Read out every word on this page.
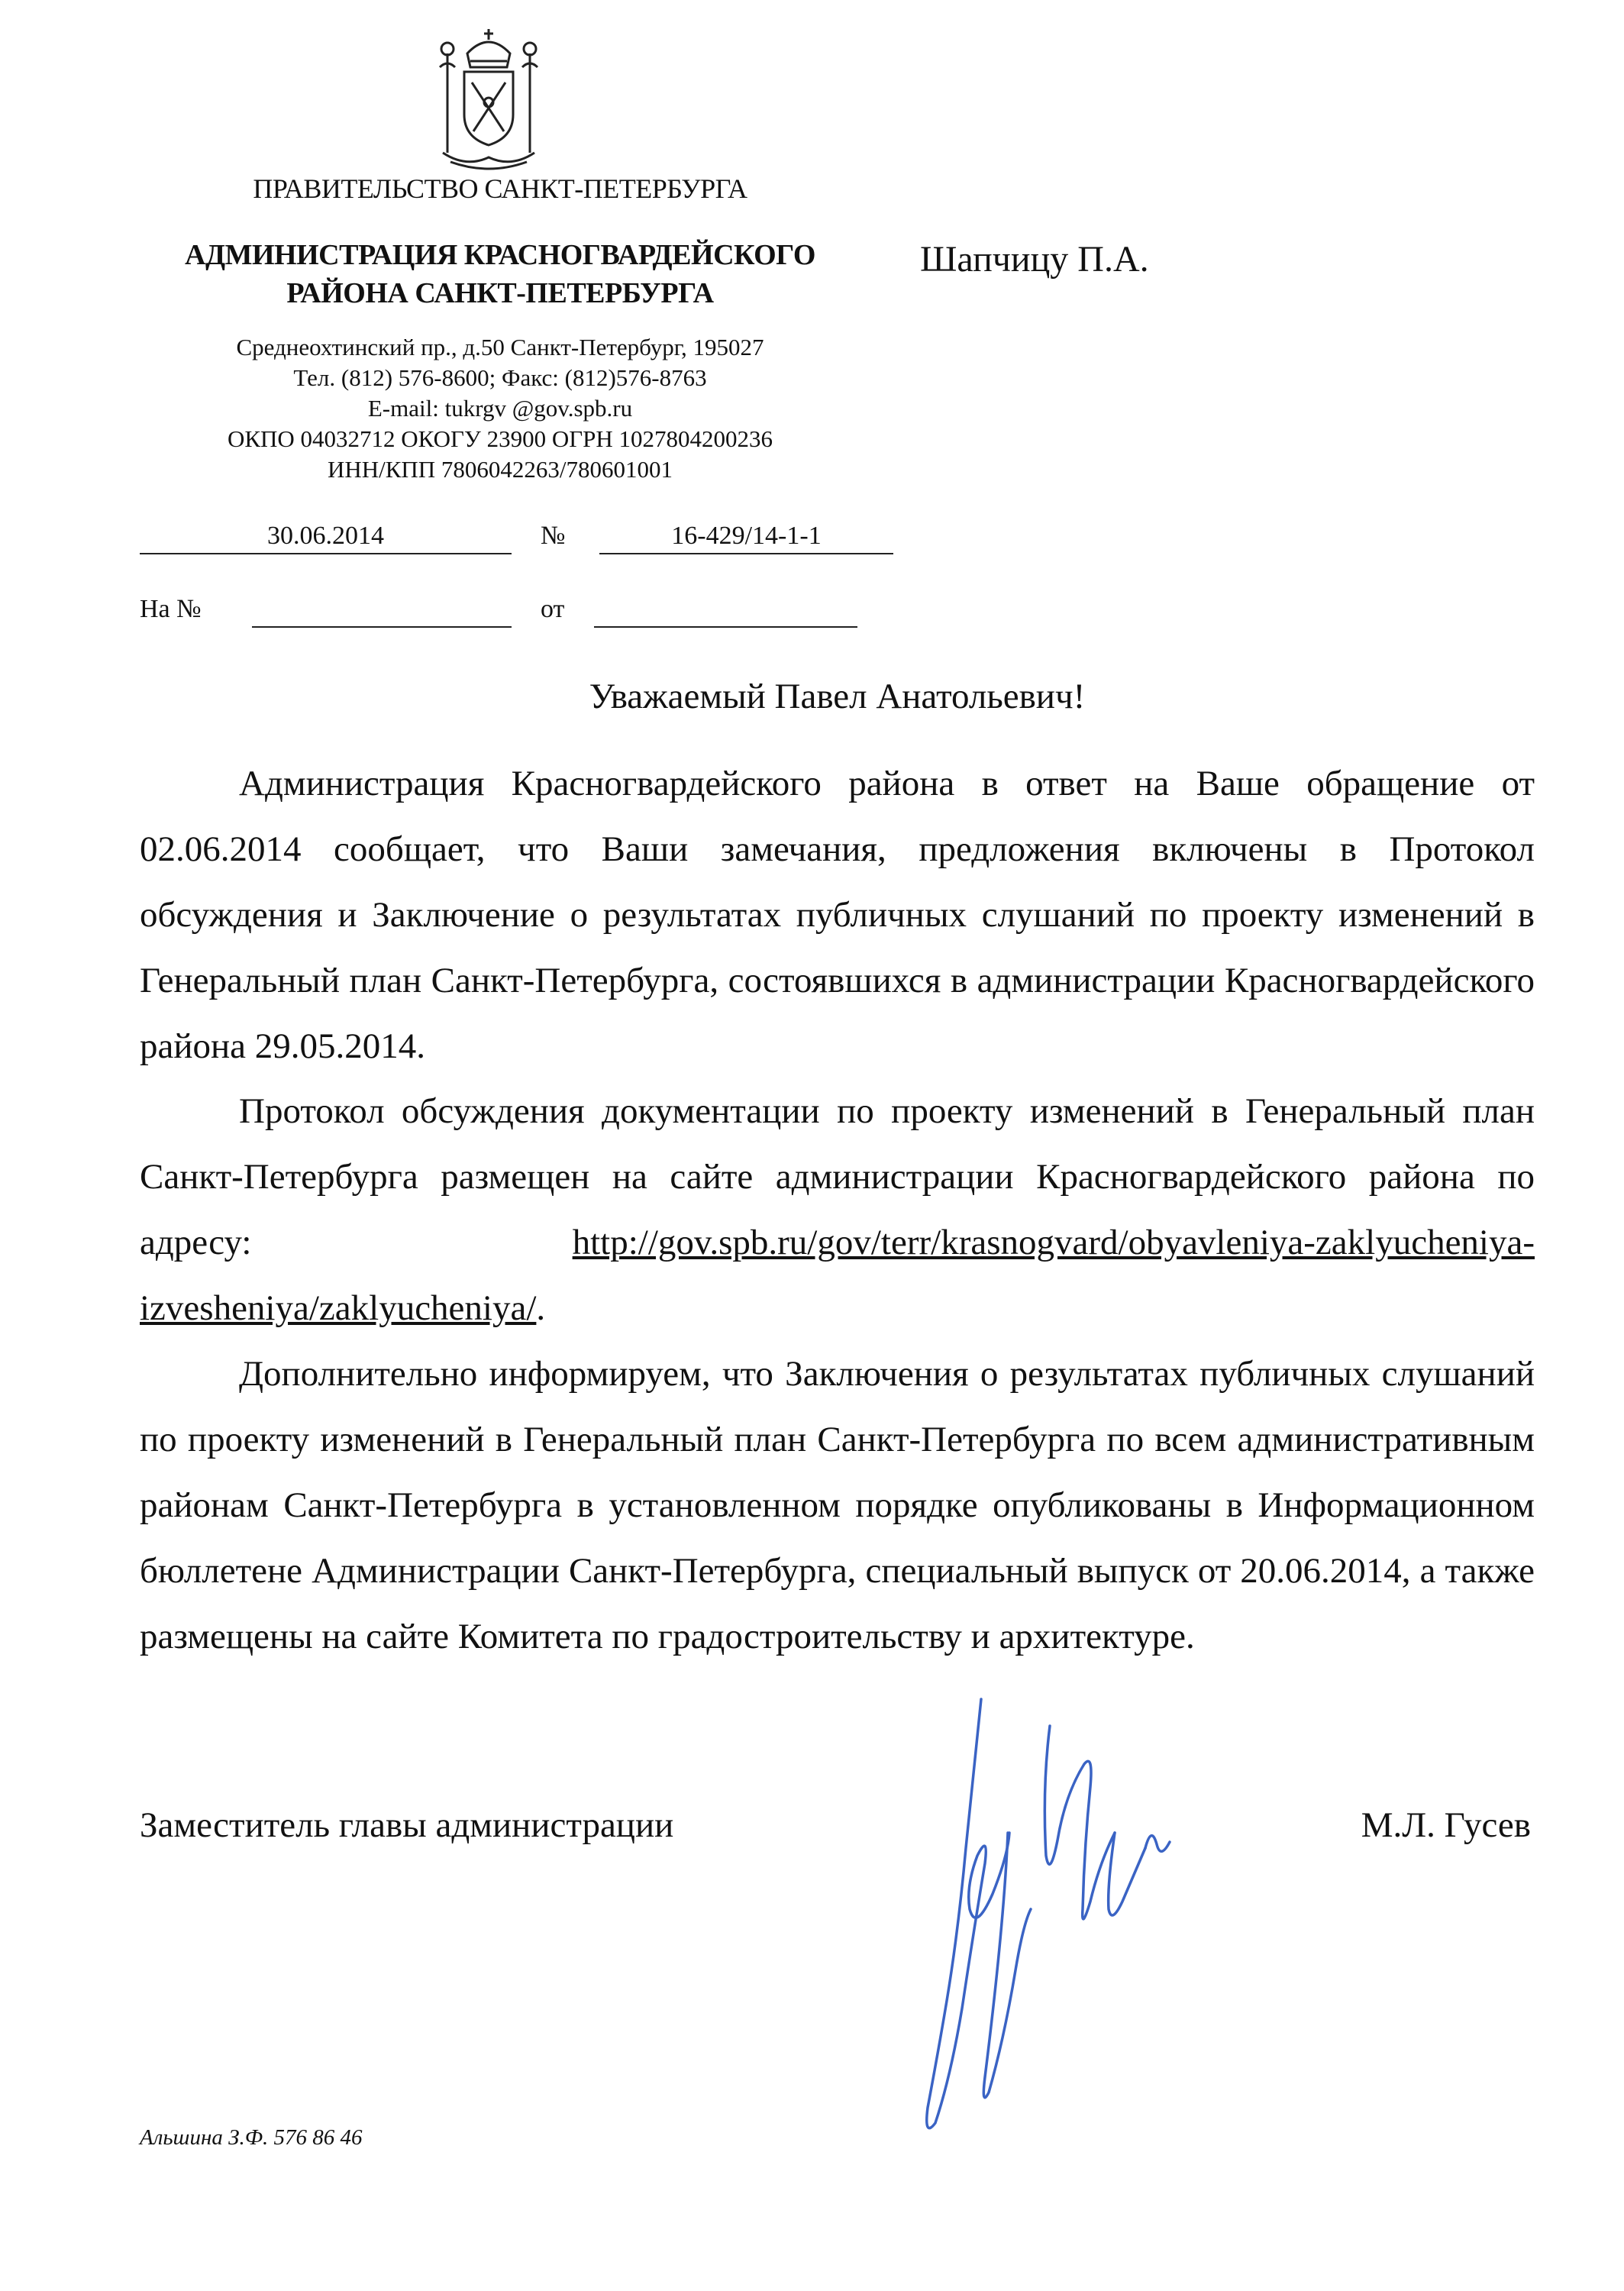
ПРАВИТЕЛЬСТВО САНКТ-ПЕТЕРБУРГА
АДМИНИСТРАЦИЯ КРАСНОГВАРДЕЙСКОГО
РАЙОНА САНКТ-ПЕТЕРБУРГА
Среднеохтинский пр., д.50 Санкт-Петербург, 195027
Тел. (812) 576-8600; Факс: (812)576-8763
E-mail: tukrgv @gov.spb.ru
ОКПО 04032712 ОКОГУ 23900 ОГРН 1027804200236
ИНН/КПП 7806042263/780601001
Шапчицу П.А.
30.06.2014	№	16-429/14-1-1
На №
	от

Уважаемый Павел Анатольевич!
Администрация Красногвардейского района в ответ на Ваше обращение от 02.06.2014 сообщает, что Ваши замечания, предложения включены в Протокол обсуждения и Заключение о результатах публичных слушаний по проекту изменений в Генеральный план Санкт-Петербурга, состоявшихся в администрации Красногвардейского района 29.05.2014.
Протокол обсуждения документации по проекту изменений в Генеральный план Санкт-Петербурга размещен на сайте администрации Красногвардейского района по адресу: http://gov.spb.ru/gov/terr/krasnogvard/obyavleniya-zaklyucheniya-izvesheniya/zaklyucheniya/.
Дополнительно информируем, что Заключения о результатах публичных слушаний по проекту изменений в Генеральный план Санкт-Петербурга по всем административным районам Санкт-Петербурга в установленном порядке опубликованы в Информационном бюллетене Администрации Санкт-Петербурга, специальный выпуск от 20.06.2014, а также размещены на сайте Комитета по градостроительству и архитектуре.
Заместитель главы администрации	М.Л. Гусев
Альшина З.Ф. 576 86 46
